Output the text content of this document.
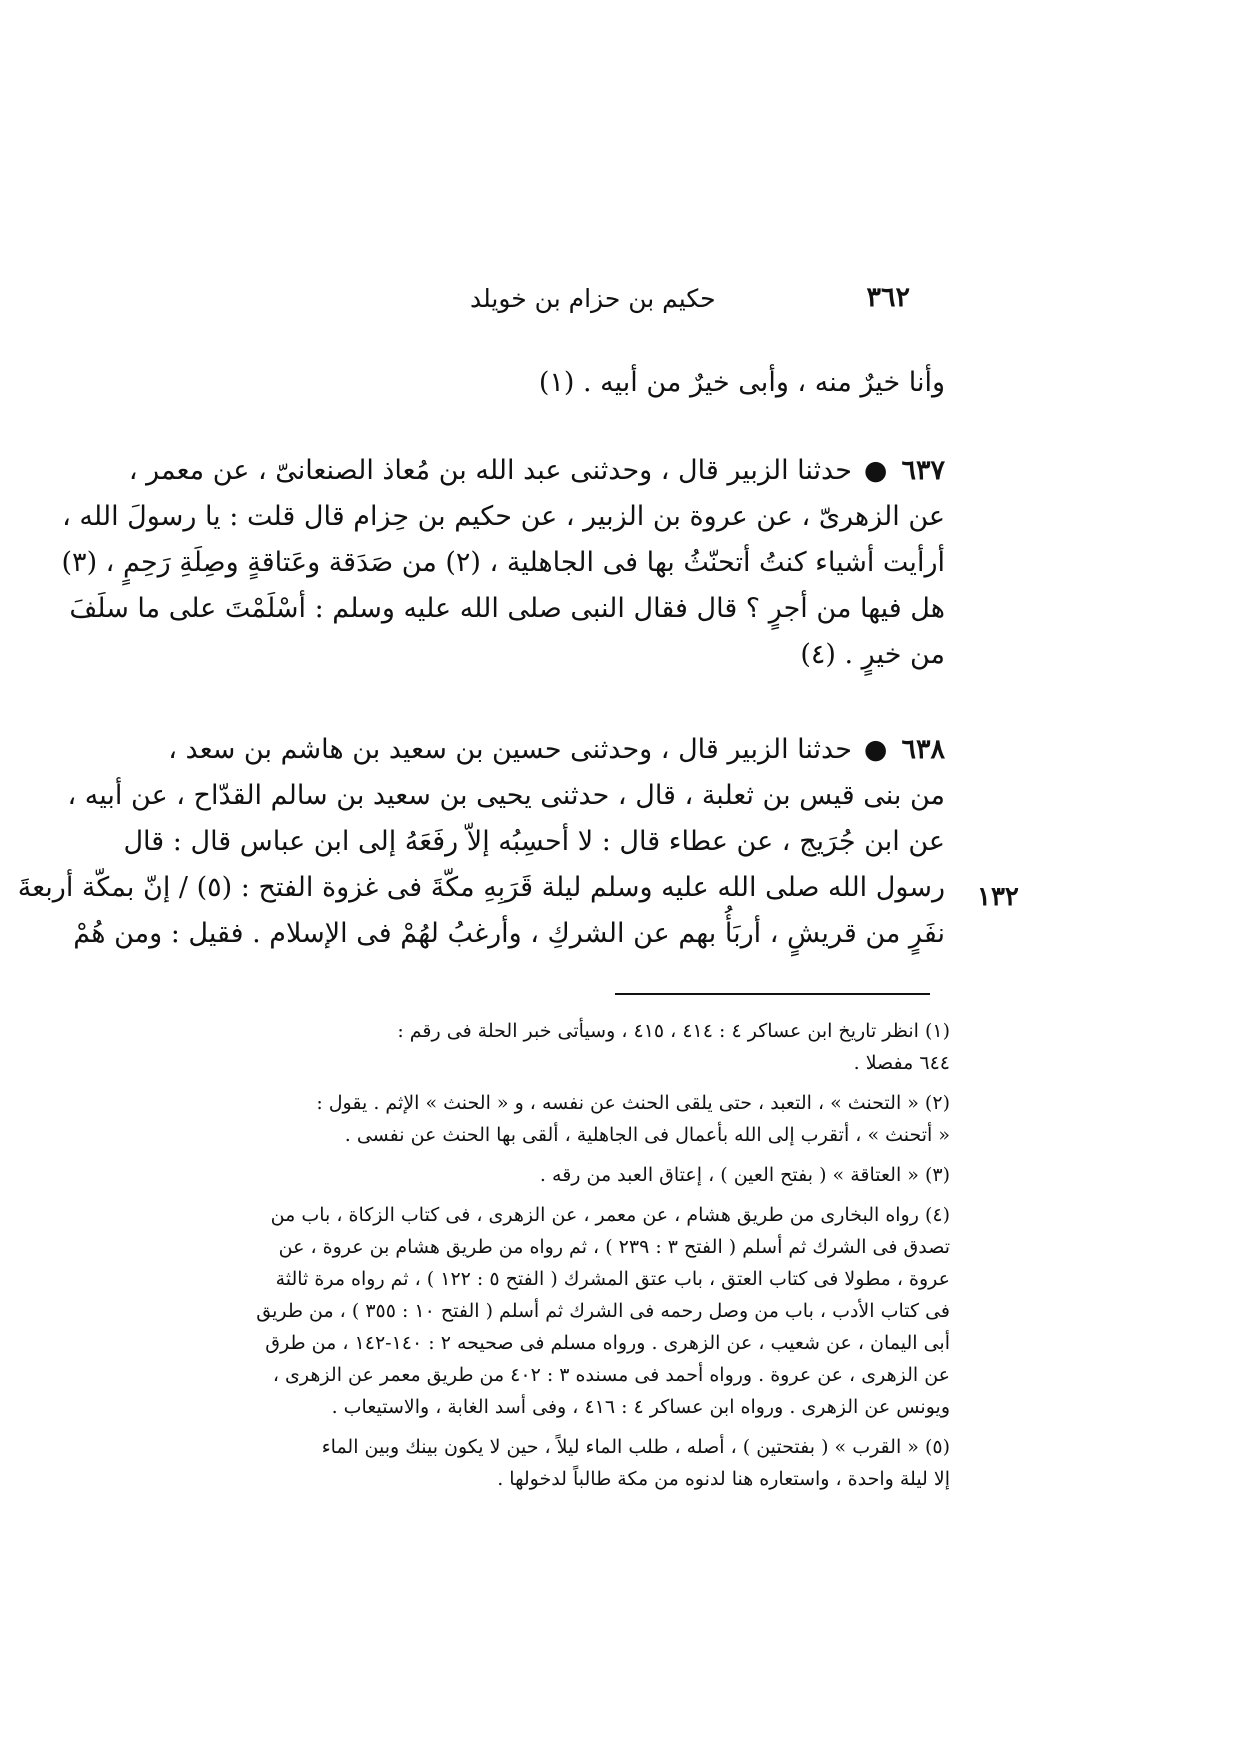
٣٦٢
حكيم بن حزام بن خويلد
وأنا خيرٌ منه ، وأبى خيرٌ من أبيه . (١)
٦٣٧●حدثنا الزبير قال ، وحدثنى عبد الله بن مُعاذ الصنعانىّ ، عن معمر ،
عن الزهرىّ ، عن عروة بن الزبير ، عن حكيم بن حِزام قال قلت : يا رسولَ الله ،
أرأيت أشياء كنتُ أتحنّثُ بها فى الجاهلية ، (٢) من صَدَقة وعَتاقةٍ وصِلَةِ رَحِمٍ ، (٣)
هل فيها من أجرٍ ؟ قال فقال النبى صلى الله عليه وسلم : أسْلَمْتَ على ما سلَفَ
من خيرٍ . (٤)
٦٣٨●حدثنا الزبير قال ، وحدثنى حسين بن سعيد بن هاشم بن سعد ،
من بنى قيس بن ثعلبة ، قال ، حدثنى يحيى بن سعيد بن سالم القدّاح ، عن أبيه ،
عن ابن جُرَيج ، عن عطاء قال : لا أحسِبُه إلاّ رفَعَهُ إلى ابن عباس قال : قال
رسول الله صلى الله عليه وسلم ليلة قَرَبِهِ مكّةَ فى غزوة الفتح : (٥) / إنّ بمكّة أربعةَ
نفَرٍ من قريشٍ ، أربَأُ بهم عن الشركِ ، وأرغبُ لهُمْ فى الإسلام . فقيل : ومن هُمْ
١٣٢
(١) انظر تاريخ ابن عساكر ٤ : ٤١٤ ، ٤١٥ ، وسيأتى خبر الحلة فى رقم :
٦٤٤ مفصلا .
(٢) « التحنث » ، التعبد ، حتى يلقى الحنث عن نفسه ، و « الحنث » الإثم . يقول :
« أتحنث » ، أتقرب إلى الله بأعمال فى الجاهلية ، ألقى بها الحنث عن نفسى .
(٣) « العتاقة » ( بفتح العين ) ، إعتاق العبد من رقه .
(٤) رواه البخارى من طريق هشام ، عن معمر ، عن الزهرى ، فى كتاب الزكاة ، باب من
تصدق فى الشرك ثم أسلم ( الفتح ٣ : ٢٣٩ ) ، ثم رواه من طريق هشام بن عروة ، عن
عروة ، مطولا فى كتاب العتق ، باب عتق المشرك ( الفتح ٥ : ١٢٢ ) ، ثم رواه مرة ثالثة
فى كتاب الأدب ، باب من وصل رحمه فى الشرك ثم أسلم ( الفتح ١٠ : ٣٥٥ ) ، من طريق
أبى اليمان ، عن شعيب ، عن الزهرى . ورواه مسلم فى صحيحه ٢ : ١٤٠-١٤٢ ، من طرق
عن الزهرى ، عن عروة . ورواه أحمد فى مسنده ٣ : ٤٠٢ من طريق معمر عن الزهرى ،
ويونس عن الزهرى . ورواه ابن عساكر ٤ : ٤١٦ ، وفى أسد الغابة ، والاستيعاب .
(٥) « القرب » ( بفتحتين ) ، أصله ، طلب الماء ليلاً ، حين لا يكون بينك وبين الماء
إلا ليلة واحدة ، واستعاره هنا لدنوه من مكة طالباً لدخولها .
